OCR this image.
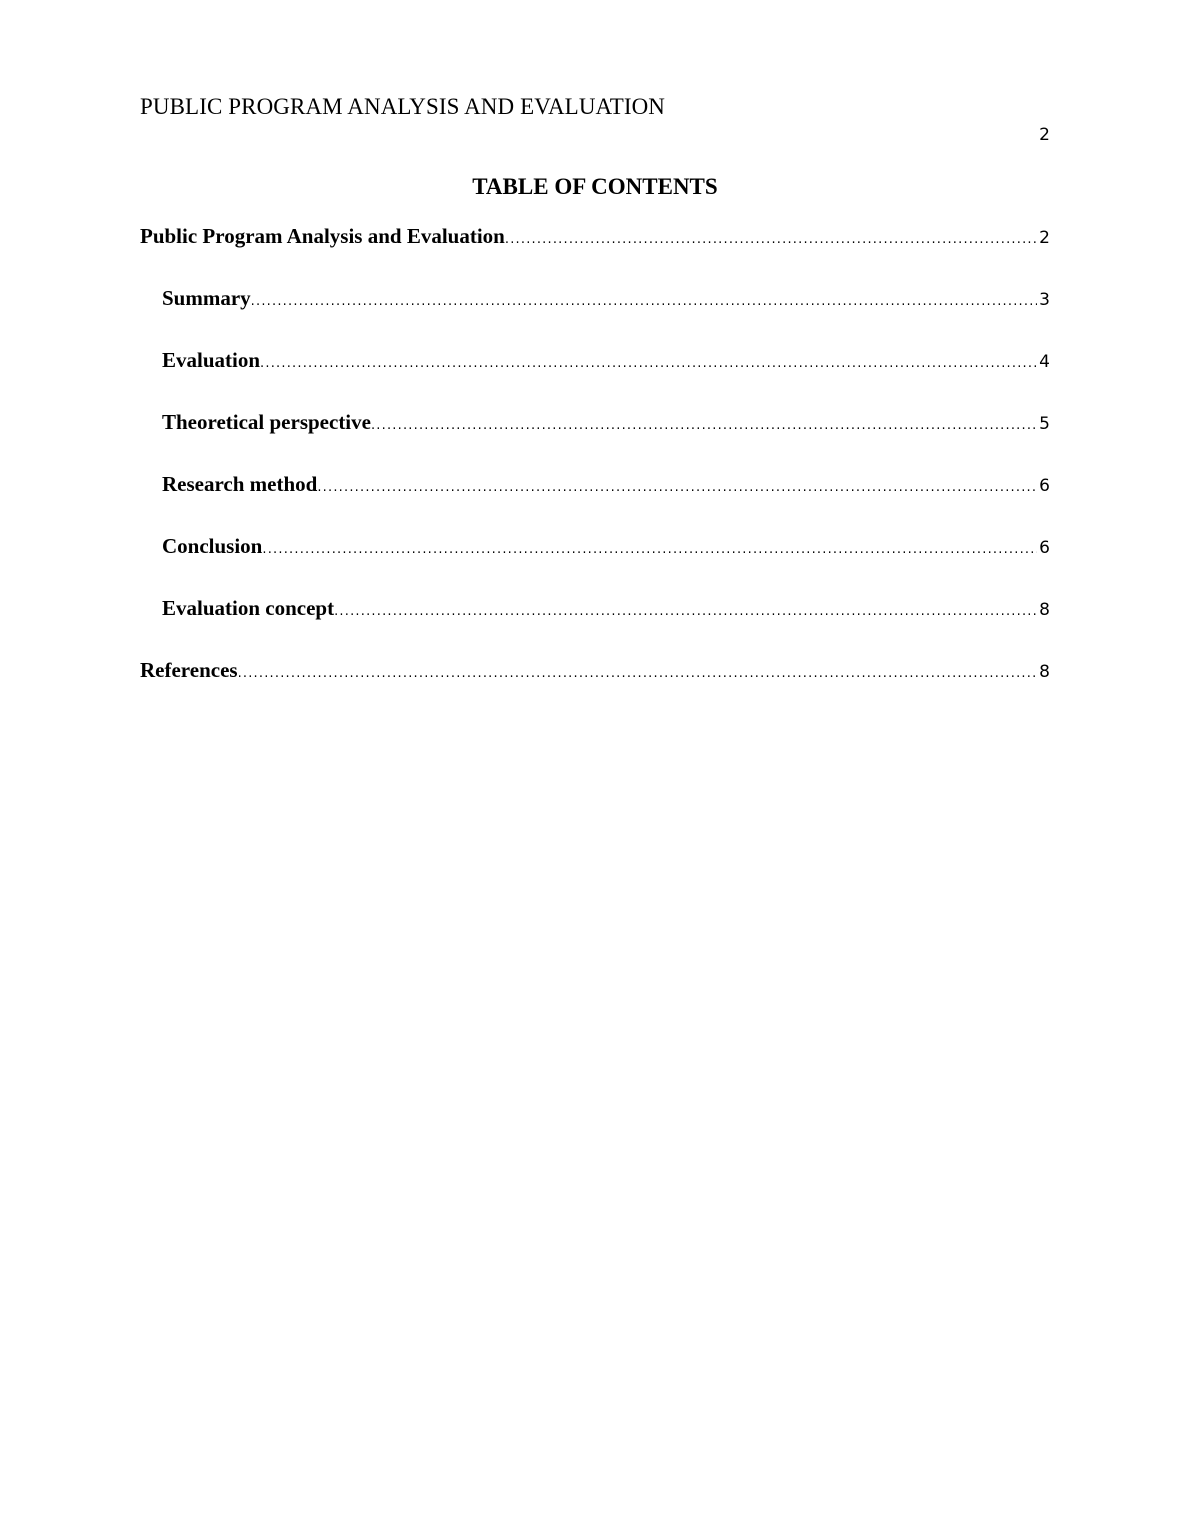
PUBLIC PROGRAM ANALYSIS AND EVALUATION
2
TABLE OF CONTENTS
Public Program Analysis and Evaluation .....	2
Summary .....	3
Evaluation .....	4
Theoretical perspective .....	5
Research method .....	6
Conclusion .....	6
Evaluation concept .....	8
References .....	8
